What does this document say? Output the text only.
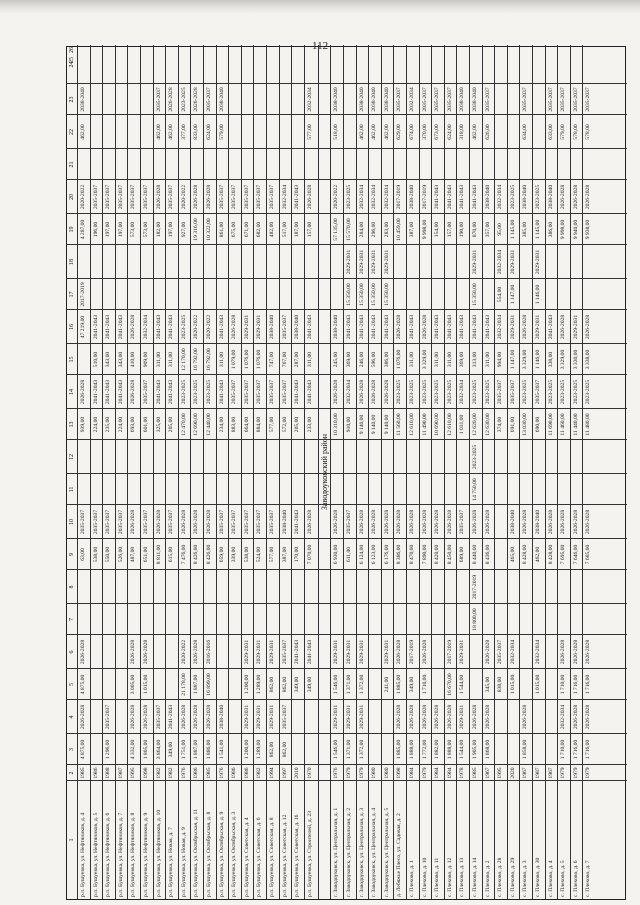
112
1
2
3
4
5
6
7
8
9
10
11
12
13
14
15
16
17
18
19
20
21
22
23
24
25
26
р.п. Бушуевка, ул. Нефтяников, д. 4
1985
4 875,00
2026-2028
4 875,00
2026-2028
63,00
2035-2037
939,00
2026-2028
47 219,00
2017-2019
4 287,00
2020-2022
462,00
2038-2040
р.п. Бушуевка, ул. Нефтяников, д. 5
1986
538,00
2035-2037
224,00
2041-2043
510,00
2041-2043
196,00
2035-2037
р.п. Бушуевка, ул. Нефтяников, д. 6
1988
1 296,00
2035-2037
550,00
2035-2037
235,00
2041-2043
343,00
2041-2043
197,00
2035-2037
р.п. Бушуевка, ул. Нефтяников, д. 7
1987
526,00
2035-2037
224,00
2041-2043
343,00
2041-2043
197,00
2035-2037
р.п. Бушуевка, ул. Нефтяников, д. 8
1995
4 332,00
2026-2028
3 005,00
2026-2028
487,00
2026-2028
693,00
2026-2028
410,00
2026-2028
573,00
2035-2037
р.п. Бушуевка, ул. Нефтяников, д. 9
1998
1 805,00
2026-2028
1 015,00
2026-2028
651,00
2035-2037
601,00
2035-2037
909,00
2032-2034
573,00
2035-2037
р.п. Бушуевка, ул. Нефтяников, д. 10
1982
3 864,00
2035-2037
8 811,00
2026-2028
325,00
2041-2043
311,00
2041-2043
182,00
2026-2028
462,00
2035-2037
р.п. Бушуевка, ул. Новая, д. 7
1982
349,00
2041-2043
615,00
2035-2037
205,00
2041-2043
311,00
2041-2043
197,00
2035-2037
462,00
2026-2028
р.п. Бушуевка, ул. Новая, д. 9
1976
1 751,00
2026-2028
21 178,00
2020-2022
7 476,00
2026-2028
12 470,00
2023-2025
12 170,00
2023-2025
927,00
2020-2022
377,00
2023-2025
р.п. Бушуевка, ул. Октябрьская, д. 11
1986
1 887,00
2026-2028
1 887,00
2026-2028
8 426,00
2026-2028
12 690,00
2023-2025
16 792,00
2020-2022
19 316,00
2026-2028
833,00
2026-2028
р.п. Бушуевка, ул. Октябрьская, д. 8
1985
1 886,00
2026-2028
16 899,00
2016-2016
8 426,00
2026-2028
12 440,00
2023-2025
16 792,00
2020-2022
10 322,00
2026-2028
624,00
2035-2037
р.п. Бушуевка, ул. Октябрьская, д. 9
1976
1 541,00
2038-2040
659,00
2035-2037
234,00
2041-2043
311,00
2041-2043
861,00
2035-2037
579,00
2038-2040
р.п. Бушуевка, ул. Октябрьская, д. 3
1986
339,00
2035-2037
883,00
2035-2037
1 079,00
2026-2028
675,00
2035-2037
р.п. Бушуевка, ул. Советская, д. 4
1986
1 200,00
2029-2031
1 200,00
2029-2031
538,00
2035-2037
664,00
2035-2037
1 076,00
2029-2031
671,00
2035-2037
р.п. Бушуевка, ул. Советская, д. 6
1982
1 289,00
2029-2031
1 289,00
2029-2031
524,00
2035-2037
884,00
2035-2037
1 076,00
2029-2031
682,00
2035-2037
р.п. Бушуевка, ул. Советская, д. 8
1994
862,00
2029-2031
862,00
2029-2031
577,00
2035-2037
577,00
2035-2037
747,00
2038-2040
482,00
2035-2037
р.п. Бушуевка, ул. Советская, д. 12
1997
862,00
2035-2037
862,00
2035-2037
387,00
2038-2040
572,00
2035-2037
767,00
2035-2037
517,00
2032-2034
р.п. Бушуевка, ул. Советская, д. 16
2010
349,00
2041-2043
170,00
2041-2043
205,00
2041-2043
287,00
2038-2040
187,00
2041-2043
р.п. Бушуевка, ул. Строителей, д. 23
1970
349,00
2041-2043
7 070,00
2026-2028
233,00
2041-2043
311,00
2041-2043
157,00
2026-2028
577,00
2032-2034
Заводоуковский район
г. Заводоуковск, ул. Центральная, д. 1
1976
1 546,00
2029-2031
1 546,00
2029-2031
6 930,00
2026-2028
10 310,00
2026-2028
245,00
2038-2040
57 135,00
2020-2022
518,00
2038-2040
г. Заводоуковск, ул. Центральная, д. 2
1979
1 371,00
2029-2031
1 371,00
2029-2031
611,00
2035-2037
910,00
2032-2034
369,00
2041-2043
15 350,00
2029-2031
15 570,00
2023-2025
г. Заводоуковск, ул. Центральная, д. 3
1979
1 372,00
2029-2031
1 372,00
2029-2031
6 124,00
2026-2028
9 140,00
2026-2028
246,00
2041-2043
15 350,00
2029-2031
284,00
2032-2034
462,00
2038-2040
г. Заводоуковск, ул. Центральная, д. 4
1980
6 123,00
2026-2028
9 140,00
2026-2028
596,00
2041-2043
15 350,00
2029-2031
296,00
2032-2034
462,00
2038-2040
г. Заводоуковск, ул. Центральная, д. 5
1980
241,00
2029-2031
6 176,00
2026-2028
9 140,00
2026-2028
386,00
2041-2043
15 350,00
2029-2031
283,00
2032-2034
462,00
2038-2040
д. Лебяжье Плесо, ул. Садовая, д. 2
1998
1 885,00
2026-2028
1 885,00
2026-2028
8 386,00
2026-2028
11 560,00
2023-2025
1 076,00
2026-2028
10 459,00
2017-2019
629,00
2035-2037
с. Плехово, д. 1
1984
1 888,00
2026-2028
349,00
2017-2019
8 470,00
2026-2028
12 610,00
2023-2025
311,00
2041-2043
387,00
2038-2040
674,00
2032-2034
с. Плехово, д. 10
1979
1 772,00
2026-2028
1 710,00
2026-2028
7 890,00
2026-2028
11 490,00
2023-2025
3 329,00
2026-2028
9 998,00
2017-2019
370,00
2035-2037
с. Плехово, д. 11
1984
1 882,00
2026-2028
8 420,00
2026-2028
10 690,00
2023-2025
311,00
2041-2043
154,00
2041-2043
673,00
2035-2037
с. Плехово, д. 12
1984
1 888,00
2026-2028
16 670,00
2017-2019
8 450,00
2026-2028
12 610,00
2023-2025
311,00
2041-2043
157,00
2041-2043
624,00
2035-2037
с. Плехово, д. 13
1978
1 544,00
2029-2031
1 544,00
2029-2031
689,00
2035-2037
1 031,00
2032-2034
369,00
2041-2043
190,00
2041-2043
318,00
2038-2040
с. Плехово, д. 14
1985
1 905,00
2026-2028
18 800,00
2017-2019
8 440,00
2026-2028
14 750,00
2023-2025
12 620,00
2023-2025
313,00
2041-2043
15 350,00
2029-2031
870,00
2041-2043
462,00
2038-2040
с. Плехово, д. 2
1967
1 868,00
2026-2028
345,00
2026-2028
8 436,00
2026-2028
12 630,00
2023-2025
311,00
2041-2043
357,00
2038-2040
626,00
2035-2037
с. Плехово, д. 28
1995
838,00
2035-2037
374,00
2035-2037
994,00
2032-2034
554,00
2032-2034
95,00
2032-2034
с. Плехово, д. 29
2020
1 015,00
2032-2034
465,00
2038-2040
691,00
2035-2037
1 147,00
2029-2031
1 147,00
2029-2031
1 145,00
2023-2025
с. Плехово, д. 3
1967
1 858,00
2026-2028
8 428,00
2026-2028
13 030,00
2023-2025
3 329,00
2026-2028
385,00
2038-2040
634,00
2035-2037
с. Плехово, д. 30
1987
1 015,00
2032-2034
462,00
2038-2040
690,00
2035-2037
1 146,00
2029-2031
1 146,00
2029-2031
1 145,00
2023-2025
с. Плехово, д. 4
1967
8 428,00
2026-2028
11 690,00
2023-2025
338,00
2041-2043
386,00
2038-2040
633,00
2035-2037
с. Плехово, д. 5
1979
1 710,00
2032-2034
1 710,00
2026-2028
7 695,00
2026-2028
11 460,00
2023-2025
3 329,00
2026-2028
9 998,00
2026-2028
579,00
2035-2037
с. Плехово, д. 6
1979
1 716,00
2026-2028
1 716,00
2026-2028
7 646,00
2026-2028
11 440,00
2023-2025
3 330,00
2029-2031
9 940,00
2026-2028
578,00
2035-2037
с. Плехово, д. 7
1979
1 716,00
2026-2028
1 716,00
2026-2028
7 685,00
2026-2028
11 480,00
2023-2025
3 338,00
2026-2028
9 938,00
2026-2028
578,00
2035-2037
